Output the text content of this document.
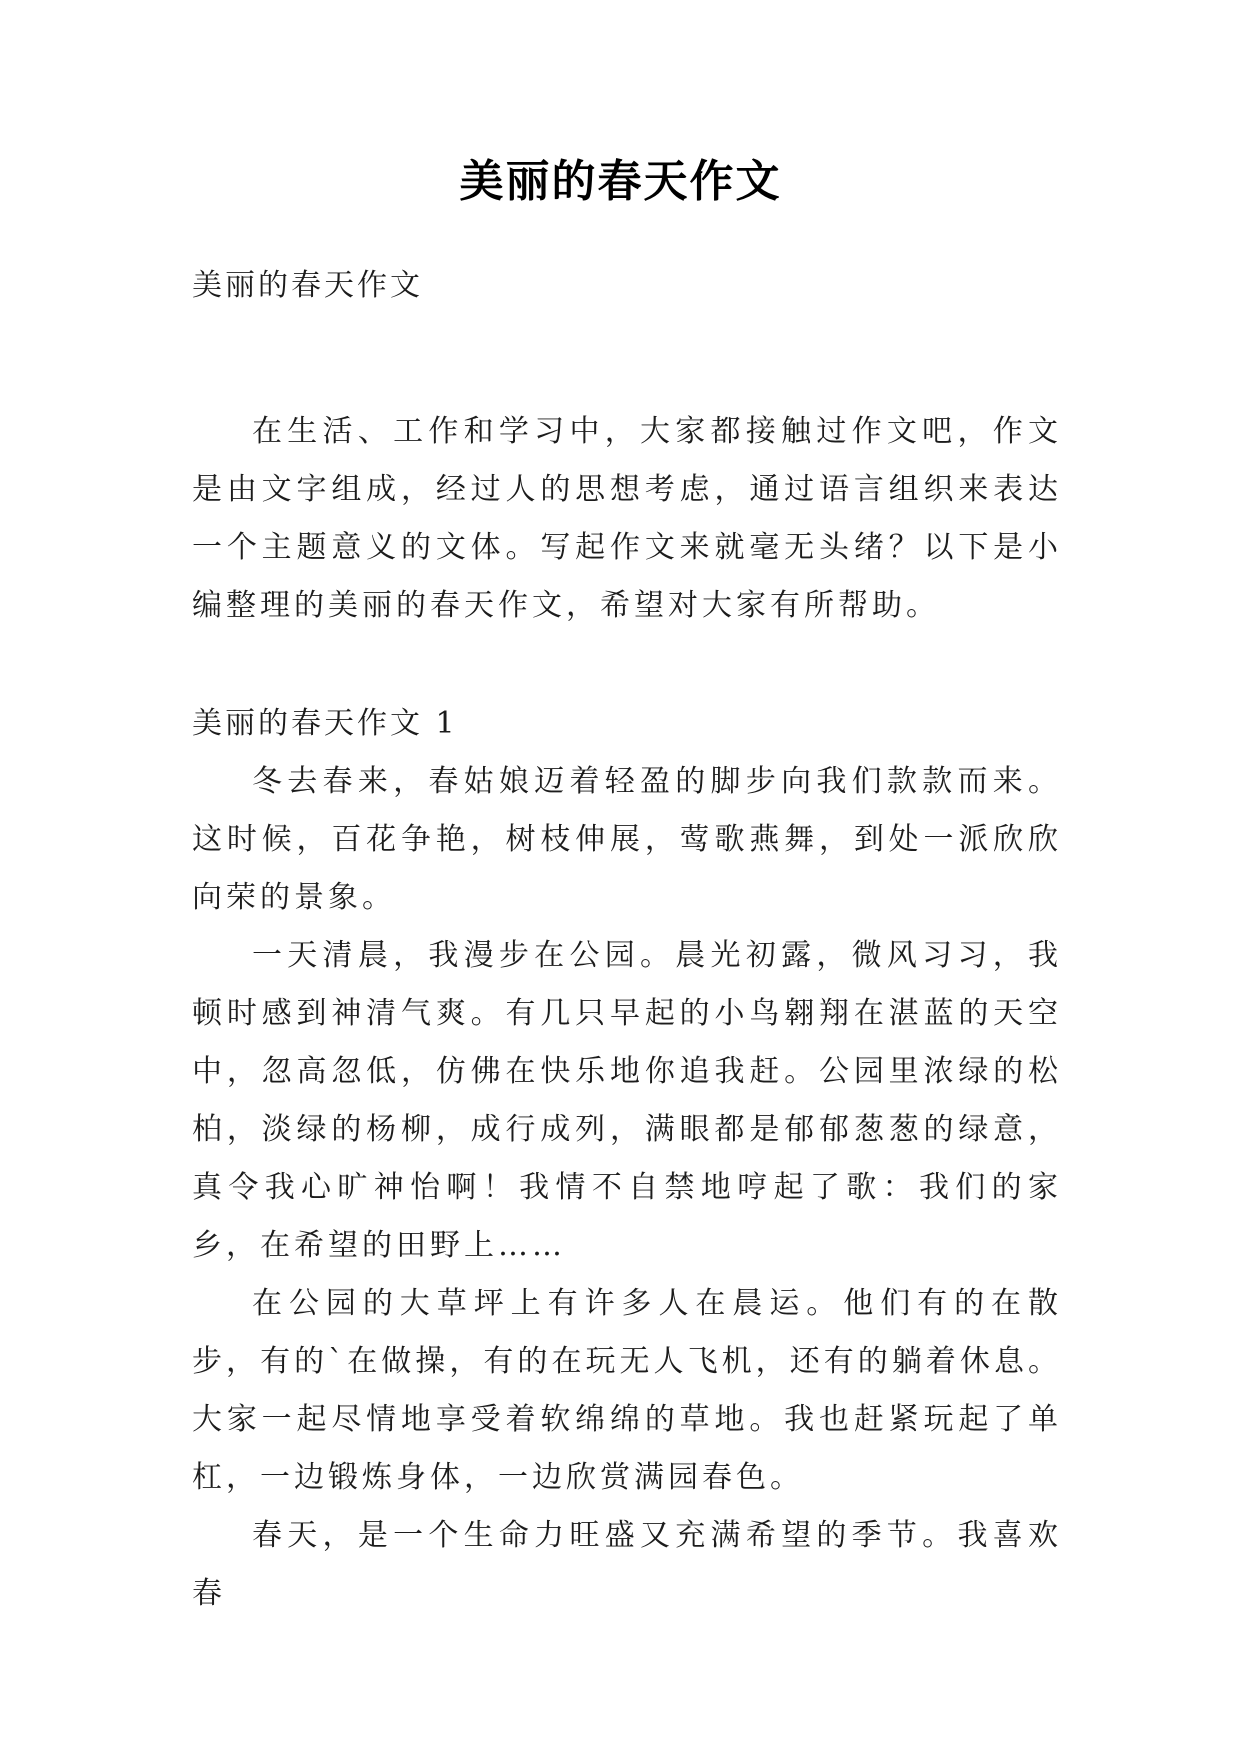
美丽的春天作文
美丽的春天作文

在生活、工作和学习中，大家都接触过作文吧，作文是由文字组成，经过人的思想考虑，通过语言组织来表达一个主题意义的文体。写起作文来就毫无头绪？以下是小编整理的美丽的春天作文，希望对大家有所帮助。

美丽的春天作文 1

冬去春来，春姑娘迈着轻盈的脚步向我们款款而来。这时候，百花争艳，树枝伸展，莺歌燕舞，到处一派欣欣向荣的景象。

一天清晨，我漫步在公园。晨光初露，微风习习，我顿时感到神清气爽。有几只早起的小鸟翱翔在湛蓝的天空中，忽高忽低，仿佛在快乐地你追我赶。公园里浓绿的松柏，淡绿的杨柳，成行成列，满眼都是郁郁葱葱的绿意，真令我心旷神怡啊！我情不自禁地哼起了歌：我们的家乡，在希望的田野上……

在公园的大草坪上有许多人在晨运。他们有的在散步，有的`在做操，有的在玩无人飞机，还有的躺着休息。大家一起尽情地享受着软绵绵的草地。我也赶紧玩起了单杠，一边锻炼身体，一边欣赏满园春色。

春天，是一个生命力旺盛又充满希望的季节。我喜欢春
